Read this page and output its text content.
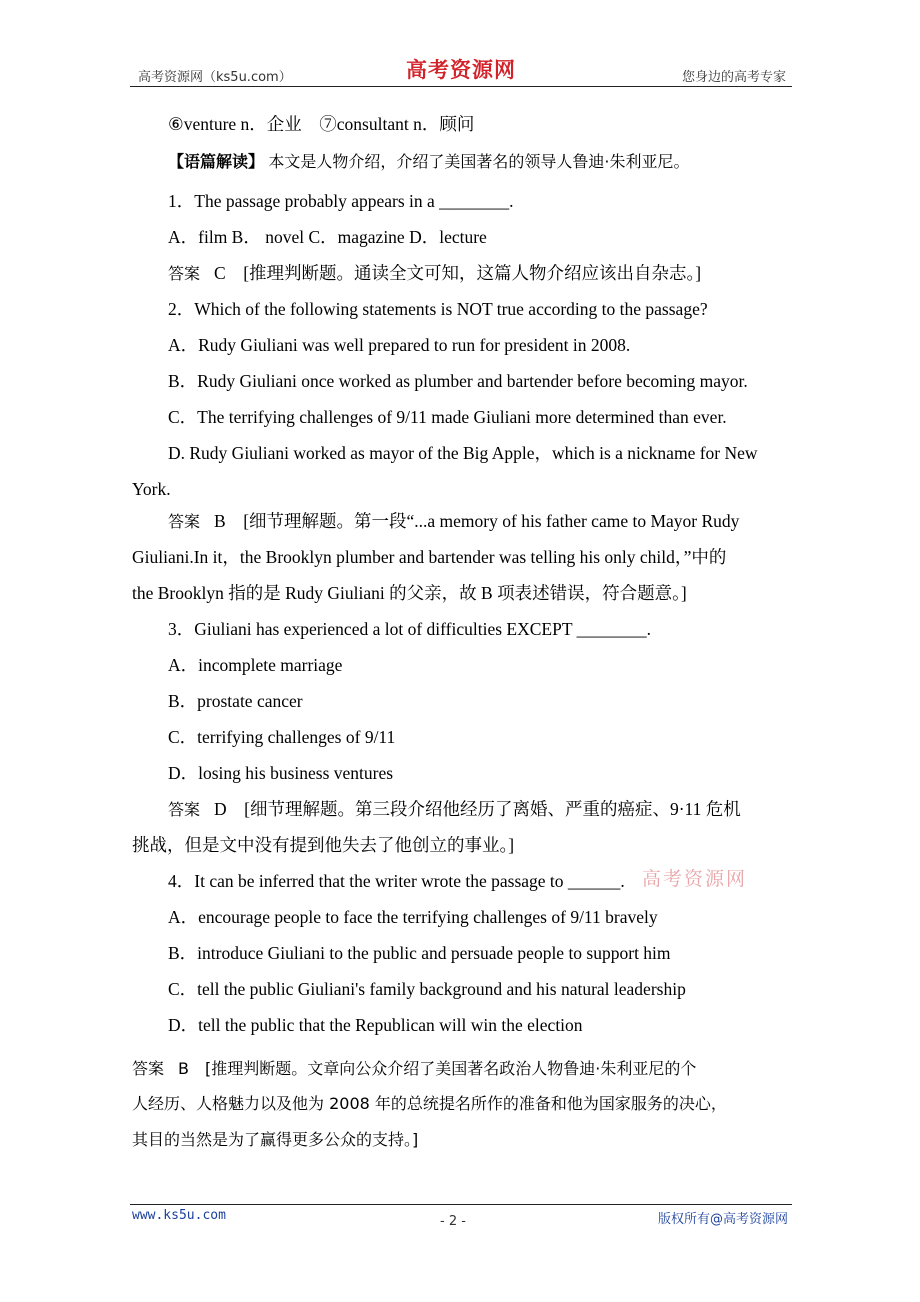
高考资源网（ks5u.com）	高考资源网	您身边的高考专家
⑥venture n．企业　⑦consultant n．顾问
【语篇解读】 本文是人物介绍，介绍了美国著名的领导人鲁迪·朱利亚尼。
1．The passage probably appears in a ________.
A．film B． novel C．magazine D．lecture
答案 C　[推理判断题。通读全文可知，这篇人物介绍应该出自杂志。]
2．Which of the following statements is NOT true according to the passage?
A．Rudy Giuliani was well prepared to run for president in 2008.
B．Rudy Giuliani once worked as plumber and bartender before becoming mayor.
C．The terrifying challenges of 9/11 made Giuliani more determined than ever.
D. Rudy Giuliani worked as mayor of the Big Apple，which is a nickname for New
York.
答案 B　[细节理解题。第一段“...a memory of his father came to Mayor Rudy
Giuliani.In it，the Brooklyn plumber and bartender was telling his only child，”中的
the Brooklyn 指的是 Rudy Giuliani 的父亲，故 B 项表述错误，符合题意。]
3．Giuliani has experienced a lot of difficulties EXCEPT ________.
A．incomplete marriage
B．prostate cancer
C．terrifying challenges of 9/11
D．losing his business ventures
答案 D　[细节理解题。第三段介绍他经历了离婚、严重的癌症、9·11 危机
挑战，但是文中没有提到他失去了他创立的事业。]
4．It can be inferred that the writer wrote the passage to ______. 高考资源网
A．encourage people to face the terrifying challenges of 9/11 bravely
B．introduce Giuliani to the public and persuade people to support him
C．tell the public Giuliani's family background and his natural leadership
D．tell the public that the Republican will win the election
答案 B　[推理判断题。文章向公众介绍了美国著名政治人物鲁迪·朱利亚尼的个
人经历、人格魅力以及他为 2008 年的总统提名所作的准备和他为国家服务的决心，
其目的当然是为了赢得更多公众的支持。]
www.ks5u.com	- 2 -	版权所有@高考资源网
